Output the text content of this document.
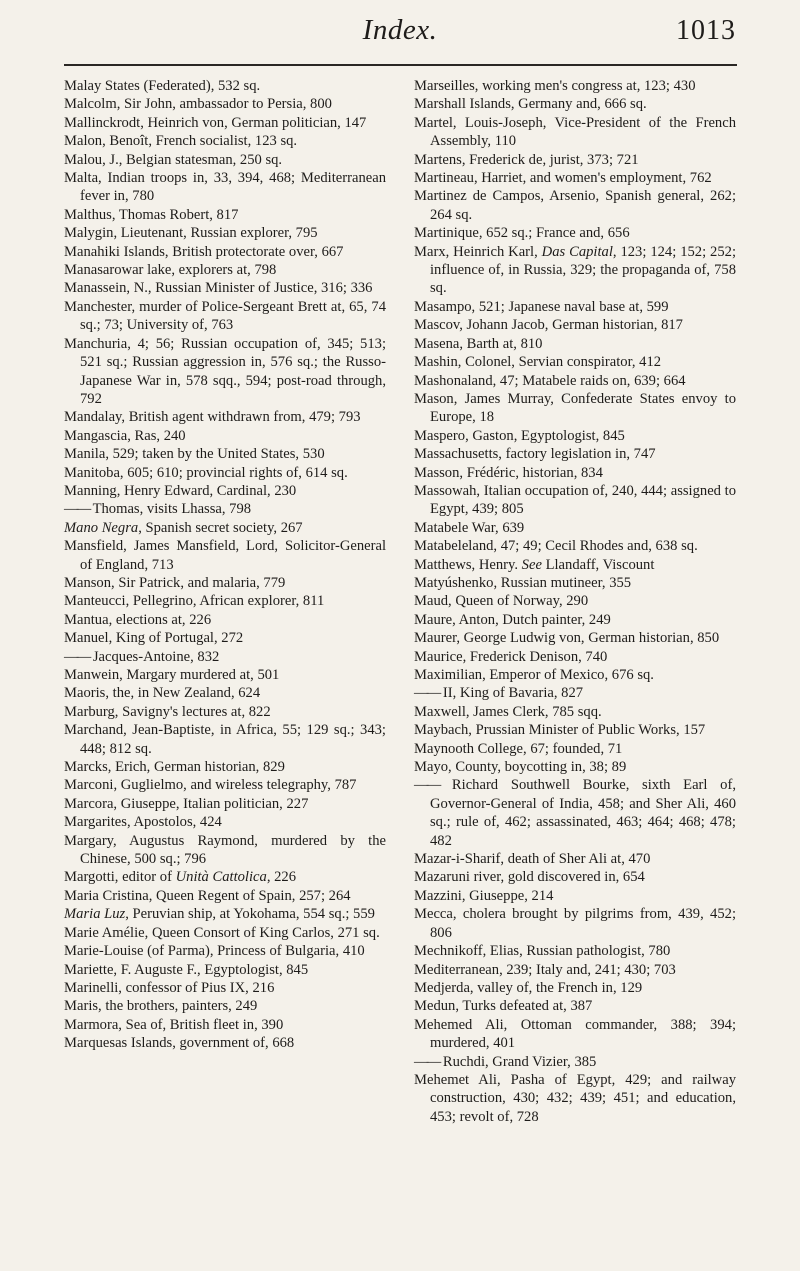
Index.	1013

Malay States (Federated), 532 sq.

Malcolm, Sir John, ambassador to Persia, 800

Mallinckrodt, Heinrich von, German politician, 147

Malon, Benoît, French socialist, 123 sq.

Malou, J., Belgian statesman, 250 sq.

Malta, Indian troops in, 33, 394, 468; Mediterranean fever in, 780

Malthus, Thomas Robert, 817

Malygin, Lieutenant, Russian explorer, 795

Manahiki Islands, British protectorate over, 667

Manasarowar lake, explorers at, 798

Manassein, N., Russian Minister of Justice, 316; 336

Manchester, murder of Police-Sergeant Brett at, 65, 74 sq.; 73; University of, 763

Manchuria, 4; 56; Russian occupation of, 345; 513; 521 sq.; Russian aggression in, 576 sq.; the Russo-Japanese War in, 578 sqq., 594; post-road through, 792

Mandalay, British agent withdrawn from, 479; 793

Mangascia, Ras, 240

Manila, 529; taken by the United States, 530

Manitoba, 605; 610; provincial rights of, 614 sq.

Manning, Henry Edward, Cardinal, 230

—— Thomas, visits Lhassa, 798

Mano Negra, Spanish secret society, 267

Mansfield, James Mansfield, Lord, Solicitor-General of England, 713

Manson, Sir Patrick, and malaria, 779

Manteucci, Pellegrino, African explorer, 811

Mantua, elections at, 226

Manuel, King of Portugal, 272

—— Jacques-Antoine, 832

Manwein, Margary murdered at, 501

Maoris, the, in New Zealand, 624

Marburg, Savigny's lectures at, 822

Marchand, Jean-Baptiste, in Africa, 55; 129 sq.; 343; 448; 812 sq.

Marcks, Erich, German historian, 829

Marconi, Guglielmo, and wireless telegraphy, 787

Marcora, Giuseppe, Italian politician, 227

Margarites, Apostolos, 424

Margary, Augustus Raymond, murdered by the Chinese, 500 sq.; 796

Margotti, editor of Unità Cattolica, 226

Maria Cristina, Queen Regent of Spain, 257; 264

Maria Luz, Peruvian ship, at Yokohama, 554 sq.; 559

Marie Amélie, Queen Consort of King Carlos, 271 sq.

Marie-Louise (of Parma), Princess of Bulgaria, 410

Mariette, F. Auguste F., Egyptologist, 845

Marinelli, confessor of Pius IX, 216

Maris, the brothers, painters, 249

Marmora, Sea of, British fleet in, 390

Marquesas Islands, government of, 668

Marseilles, working men's congress at, 123; 430

Marshall Islands, Germany and, 666 sq.

Martel, Louis-Joseph, Vice-President of the French Assembly, 110

Martens, Frederick de, jurist, 373; 721

Martineau, Harriet, and women's employment, 762

Martinez de Campos, Arsenio, Spanish general, 262; 264 sq.

Martinique, 652 sq.; France and, 656

Marx, Heinrich Karl, Das Capital, 123; 124; 152; 252; influence of, in Russia, 329; the propaganda of, 758 sq.

Masampo, 521; Japanese naval base at, 599

Mascov, Johann Jacob, German historian, 817

Masena, Barth at, 810

Mashin, Colonel, Servian conspirator, 412

Mashonaland, 47; Matabele raids on, 639; 664

Mason, James Murray, Confederate States envoy to Europe, 18

Maspero, Gaston, Egyptologist, 845

Massachusetts, factory legislation in, 747

Masson, Frédéric, historian, 834

Massowah, Italian occupation of, 240, 444; assigned to Egypt, 439; 805

Matabele War, 639

Matabeleland, 47; 49; Cecil Rhodes and, 638 sq.

Matthews, Henry. See Llandaff, Viscount

Matyúshenko, Russian mutineer, 355

Maud, Queen of Norway, 290

Maure, Anton, Dutch painter, 249

Maurer, George Ludwig von, German historian, 850

Maurice, Frederick Denison, 740

Maximilian, Emperor of Mexico, 676 sq.

—— II, King of Bavaria, 827

Maxwell, James Clerk, 785 sqq.

Maybach, Prussian Minister of Public Works, 157

Maynooth College, 67; founded, 71

Mayo, County, boycotting in, 38; 89

—— Richard Southwell Bourke, sixth Earl of, Governor-General of India, 458; and Sher Ali, 460 sq.; rule of, 462; assassinated, 463; 464; 468; 478; 482

Mazar-i-Sharif, death of Sher Ali at, 470

Mazaruni river, gold discovered in, 654

Mazzini, Giuseppe, 214

Mecca, cholera brought by pilgrims from, 439, 452; 806

Mechnikoff, Elias, Russian pathologist, 780

Mediterranean, 239; Italy and, 241; 430; 703

Medjerda, valley of, the French in, 129

Medun, Turks defeated at, 387

Mehemed Ali, Ottoman commander, 388; 394; murdered, 401

—— Ruchdi, Grand Vizier, 385

Mehemet Ali, Pasha of Egypt, 429; and railway construction, 430; 432; 439; 451; and education, 453; revolt of, 728
